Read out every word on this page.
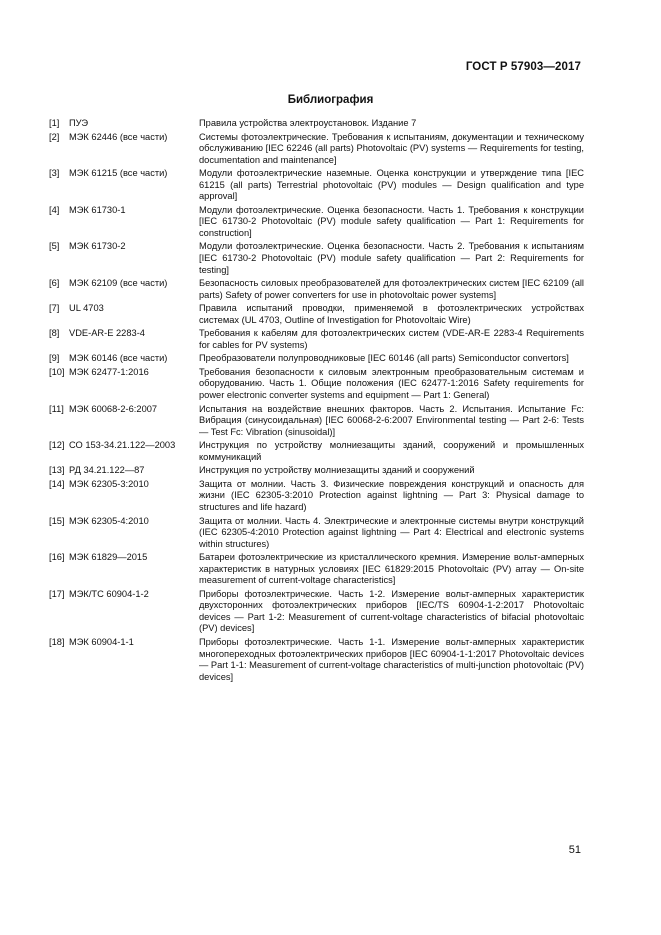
ГОСТ Р 57903—2017
Библиография
[1]	ПУЭ	Правила устройства электроустановок. Издание 7
[2]	МЭК 62446 (все части)	Системы фотоэлектрические. Требования к испытаниям, документации и техническому обслуживанию [IEC 62246 (all parts) Photovoltaic (PV) systems — Requirements for testing, documentation and maintenance]
[3]	МЭК 61215 (все части)	Модули фотоэлектрические наземные. Оценка конструкции и утверждение типа [IEC 61215 (all parts) Terrestrial photovoltaic (PV) modules — Design qualification and type approval]
[4]	МЭК 61730-1	Модули фотоэлектрические. Оценка безопасности. Часть 1. Требования к конструкции [IEC 61730-2 Photovoltaic (PV) module safety qualification — Part 1: Requirements for construction]
[5]	МЭК 61730-2	Модули фотоэлектрические. Оценка безопасности. Часть 2. Требования к испытаниям [IEC 61730-2 Photovoltaic (PV) module safety qualification — Part 2: Requirements for testing]
[6]	МЭК 62109 (все части)	Безопасность силовых преобразователей для фотоэлектрических систем [IEC 62109 (all parts) Safety of power converters for use in photovoltaic power systems]
[7]	UL 4703	Правила испытаний проводки, применяемой в фотоэлектрических устройствах системах (UL 4703, Outline of Investigation for Photovoltaic Wire)
[8]	VDE-AR-E 2283-4	Требования к кабелям для фотоэлектрических систем (VDE-AR-E 2283-4 Requirements for cables for PV systems)
[9]	МЭК 60146 (все части)	Преобразователи полупроводниковые [IEC 60146 (all parts) Semiconductor convertors]
[10] МЭК 62477-1:2016	Требования безопасности к силовым электронным преобразовательным системам и оборудованию. Часть 1. Общие положения (IEC 62477-1:2016 Safety requirements for power electronic converter systems and equipment — Part 1: General)
[11] МЭК 60068-2-6:2007	Испытания на воздействие внешних факторов. Часть 2. Испытания. Испытание Fc: Вибрация (синусоидальная) [IEC 60068-2-6:2007 Environmental testing — Part 2-6: Tests — Test Fc: Vibration (sinusoidal)]
[12] СО 153-34.21.122—2003	Инструкция по устройству молниезащиты зданий, сооружений и промышленных коммуникаций
[13] РД 34.21.122—87	Инструкция по устройству молниезащиты зданий и сооружений
[14] МЭК 62305-3:2010	Защита от молнии. Часть 3. Физические повреждения конструкций и опасность для жизни (IEC 62305-3:2010 Protection against lightning — Part 3: Physical damage to structures and life hazard)
[15] МЭК 62305-4:2010	Защита от молнии. Часть 4. Электрические и электронные системы внутри конструкций (IEC 62305-4:2010 Protection against lightning — Part 4: Electrical and electronic systems within structures)
[16] МЭК 61829—2015	Батареи фотоэлектрические из кристаллического кремния. Измерение вольт-амперных характеристик в натурных условиях [IEC 61829:2015 Photovoltaic (PV) array — On-site measurement of current-voltage characteristics]
[17] МЭК/ТС 60904-1-2	Приборы фотоэлектрические. Часть 1-2. Измерение вольт-амперных характеристик двухсторонних фотоэлектрических приборов [IEC/TS 60904-1-2:2017 Photovoltaic devices — Part 1-2: Measurement of current-voltage characteristics of bifacial photovoltaic (PV) devices]
[18] МЭК 60904-1-1	Приборы фотоэлектрические. Часть 1-1. Измерение вольт-амперных характеристик многопереходных фотоэлектрических приборов [IEC 60904-1-1:2017 Photovoltaic devices — Part 1-1: Measurement of current-voltage characteristics of multi-junction photovoltaic (PV) devices]
51
